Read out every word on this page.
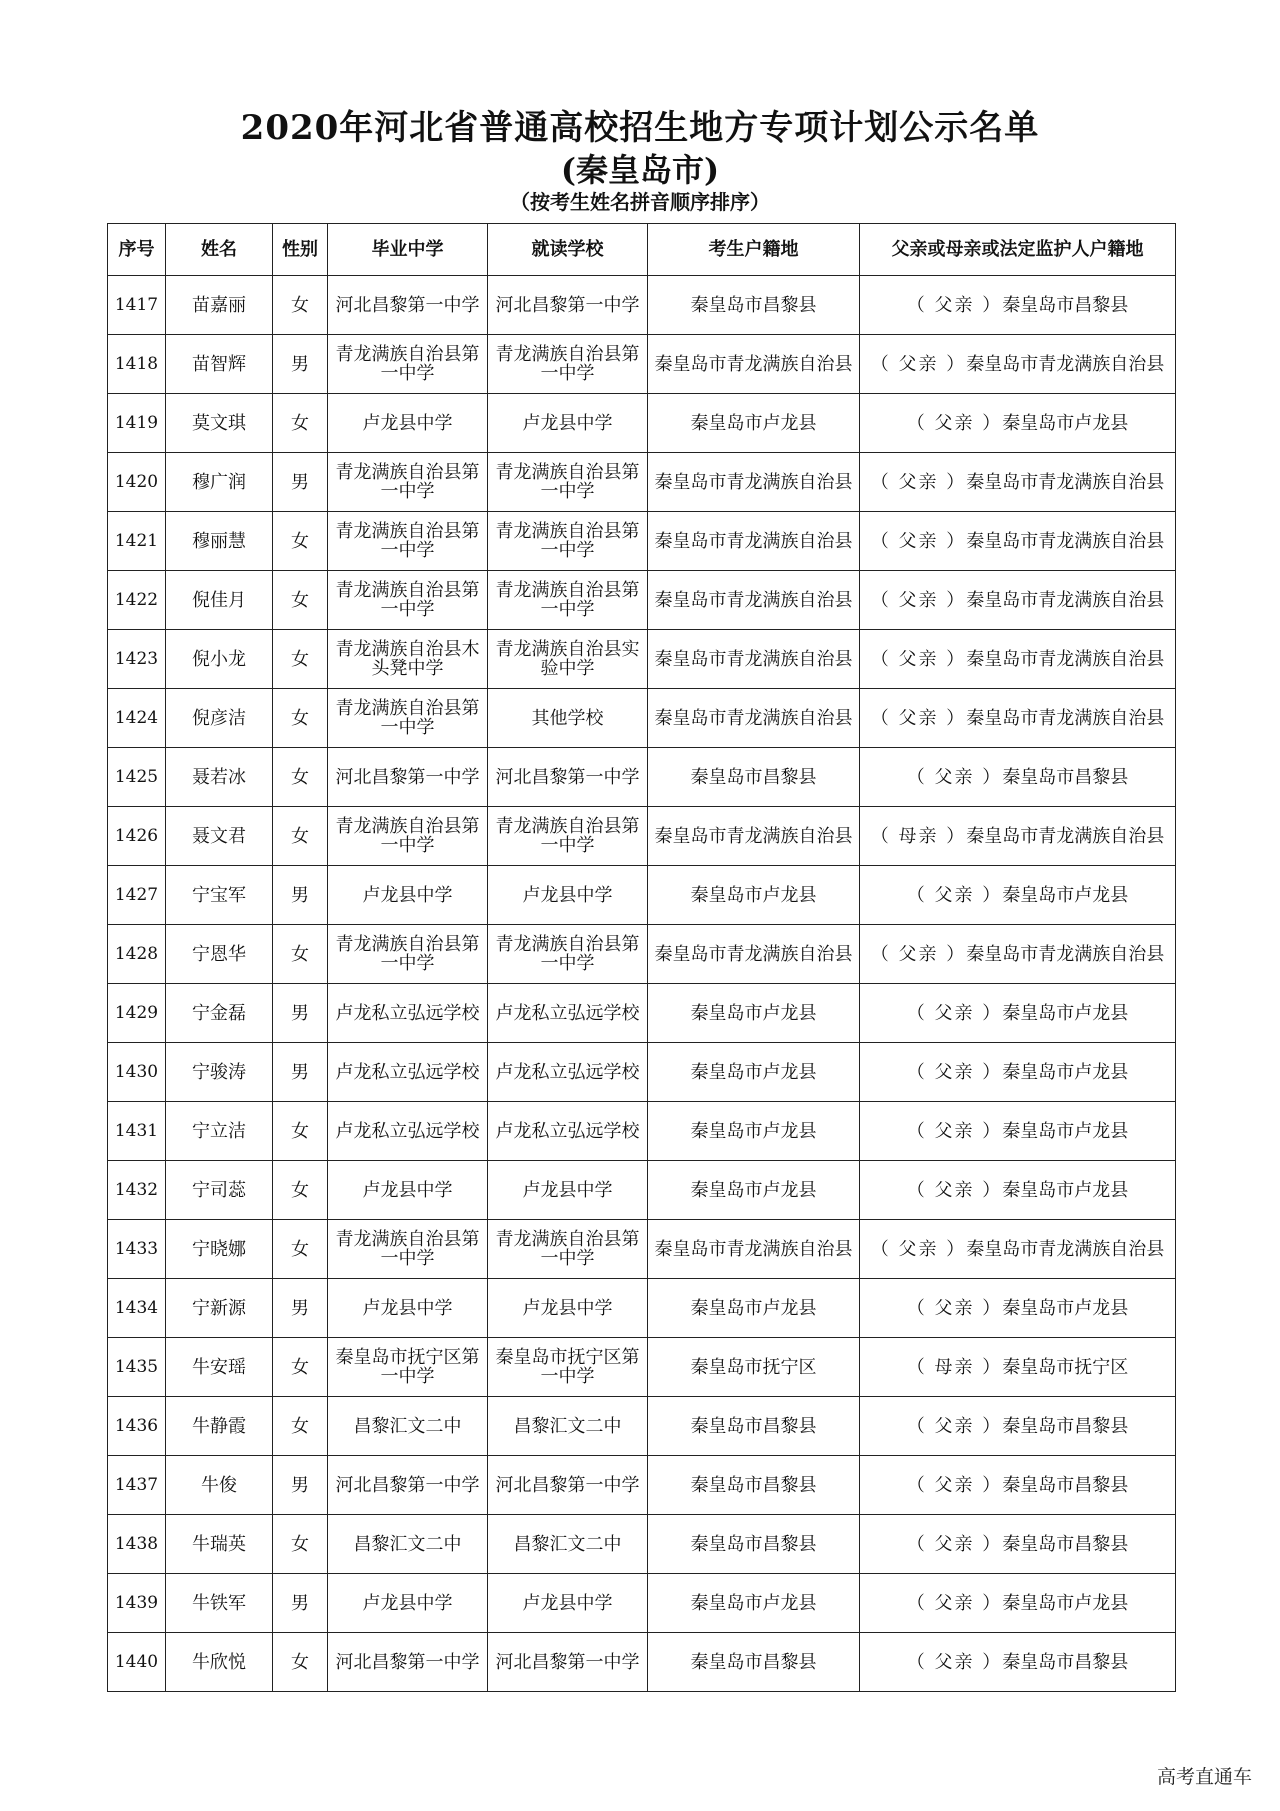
2020年河北省普通高校招生地方专项计划公示名单
(秦皇岛市)
（按考生姓名拼音顺序排序）
序号	姓名	性别	毕业中学	就读学校	考生户籍地	父亲或母亲或法定监护人户籍地
1417	苗嘉丽	女	河北昌黎第一中学	河北昌黎第一中学	秦皇岛市昌黎县	（ 父亲 ）秦皇岛市昌黎县
1418	苗智辉	男	青龙满族自治县第一中学	青龙满族自治县第一中学	秦皇岛市青龙满族自治县	（ 父亲 ）秦皇岛市青龙满族自治县
1419	莫文琪	女	卢龙县中学	卢龙县中学	秦皇岛市卢龙县	（ 父亲 ）秦皇岛市卢龙县
1420	穆广润	男	青龙满族自治县第一中学	青龙满族自治县第一中学	秦皇岛市青龙满族自治县	（ 父亲 ）秦皇岛市青龙满族自治县
1421	穆丽慧	女	青龙满族自治县第一中学	青龙满族自治县第一中学	秦皇岛市青龙满族自治县	（ 父亲 ）秦皇岛市青龙满族自治县
1422	倪佳月	女	青龙满族自治县第一中学	青龙满族自治县第一中学	秦皇岛市青龙满族自治县	（ 父亲 ）秦皇岛市青龙满族自治县
1423	倪小龙	女	青龙满族自治县木头凳中学	青龙满族自治县实验中学	秦皇岛市青龙满族自治县	（ 父亲 ）秦皇岛市青龙满族自治县
1424	倪彦洁	女	青龙满族自治县第一中学	其他学校	秦皇岛市青龙满族自治县	（ 父亲 ）秦皇岛市青龙满族自治县
1425	聂若冰	女	河北昌黎第一中学	河北昌黎第一中学	秦皇岛市昌黎县	（ 父亲 ）秦皇岛市昌黎县
1426	聂文君	女	青龙满族自治县第一中学	青龙满族自治县第一中学	秦皇岛市青龙满族自治县	（ 母亲 ）秦皇岛市青龙满族自治县
1427	宁宝军	男	卢龙县中学	卢龙县中学	秦皇岛市卢龙县	（ 父亲 ）秦皇岛市卢龙县
1428	宁恩华	女	青龙满族自治县第一中学	青龙满族自治县第一中学	秦皇岛市青龙满族自治县	（ 父亲 ）秦皇岛市青龙满族自治县
1429	宁金磊	男	卢龙私立弘远学校	卢龙私立弘远学校	秦皇岛市卢龙县	（ 父亲 ）秦皇岛市卢龙县
1430	宁骏涛	男	卢龙私立弘远学校	卢龙私立弘远学校	秦皇岛市卢龙县	（ 父亲 ）秦皇岛市卢龙县
1431	宁立洁	女	卢龙私立弘远学校	卢龙私立弘远学校	秦皇岛市卢龙县	（ 父亲 ）秦皇岛市卢龙县
1432	宁司蕊	女	卢龙县中学	卢龙县中学	秦皇岛市卢龙县	（ 父亲 ）秦皇岛市卢龙县
1433	宁晓娜	女	青龙满族自治县第一中学	青龙满族自治县第一中学	秦皇岛市青龙满族自治县	（ 父亲 ）秦皇岛市青龙满族自治县
1434	宁新源	男	卢龙县中学	卢龙县中学	秦皇岛市卢龙县	（ 父亲 ）秦皇岛市卢龙县
1435	牛安瑶	女	秦皇岛市抚宁区第一中学	秦皇岛市抚宁区第一中学	秦皇岛市抚宁区	（ 母亲 ）秦皇岛市抚宁区
1436	牛静霞	女	昌黎汇文二中	昌黎汇文二中	秦皇岛市昌黎县	（ 父亲 ）秦皇岛市昌黎县
1437	牛俊	男	河北昌黎第一中学	河北昌黎第一中学	秦皇岛市昌黎县	（ 父亲 ）秦皇岛市昌黎县
1438	牛瑞英	女	昌黎汇文二中	昌黎汇文二中	秦皇岛市昌黎县	（ 父亲 ）秦皇岛市昌黎县
1439	牛铁军	男	卢龙县中学	卢龙县中学	秦皇岛市卢龙县	（ 父亲 ）秦皇岛市卢龙县
1440	牛欣悦	女	河北昌黎第一中学	河北昌黎第一中学	秦皇岛市昌黎县	（ 父亲 ）秦皇岛市昌黎县
高考直通车
